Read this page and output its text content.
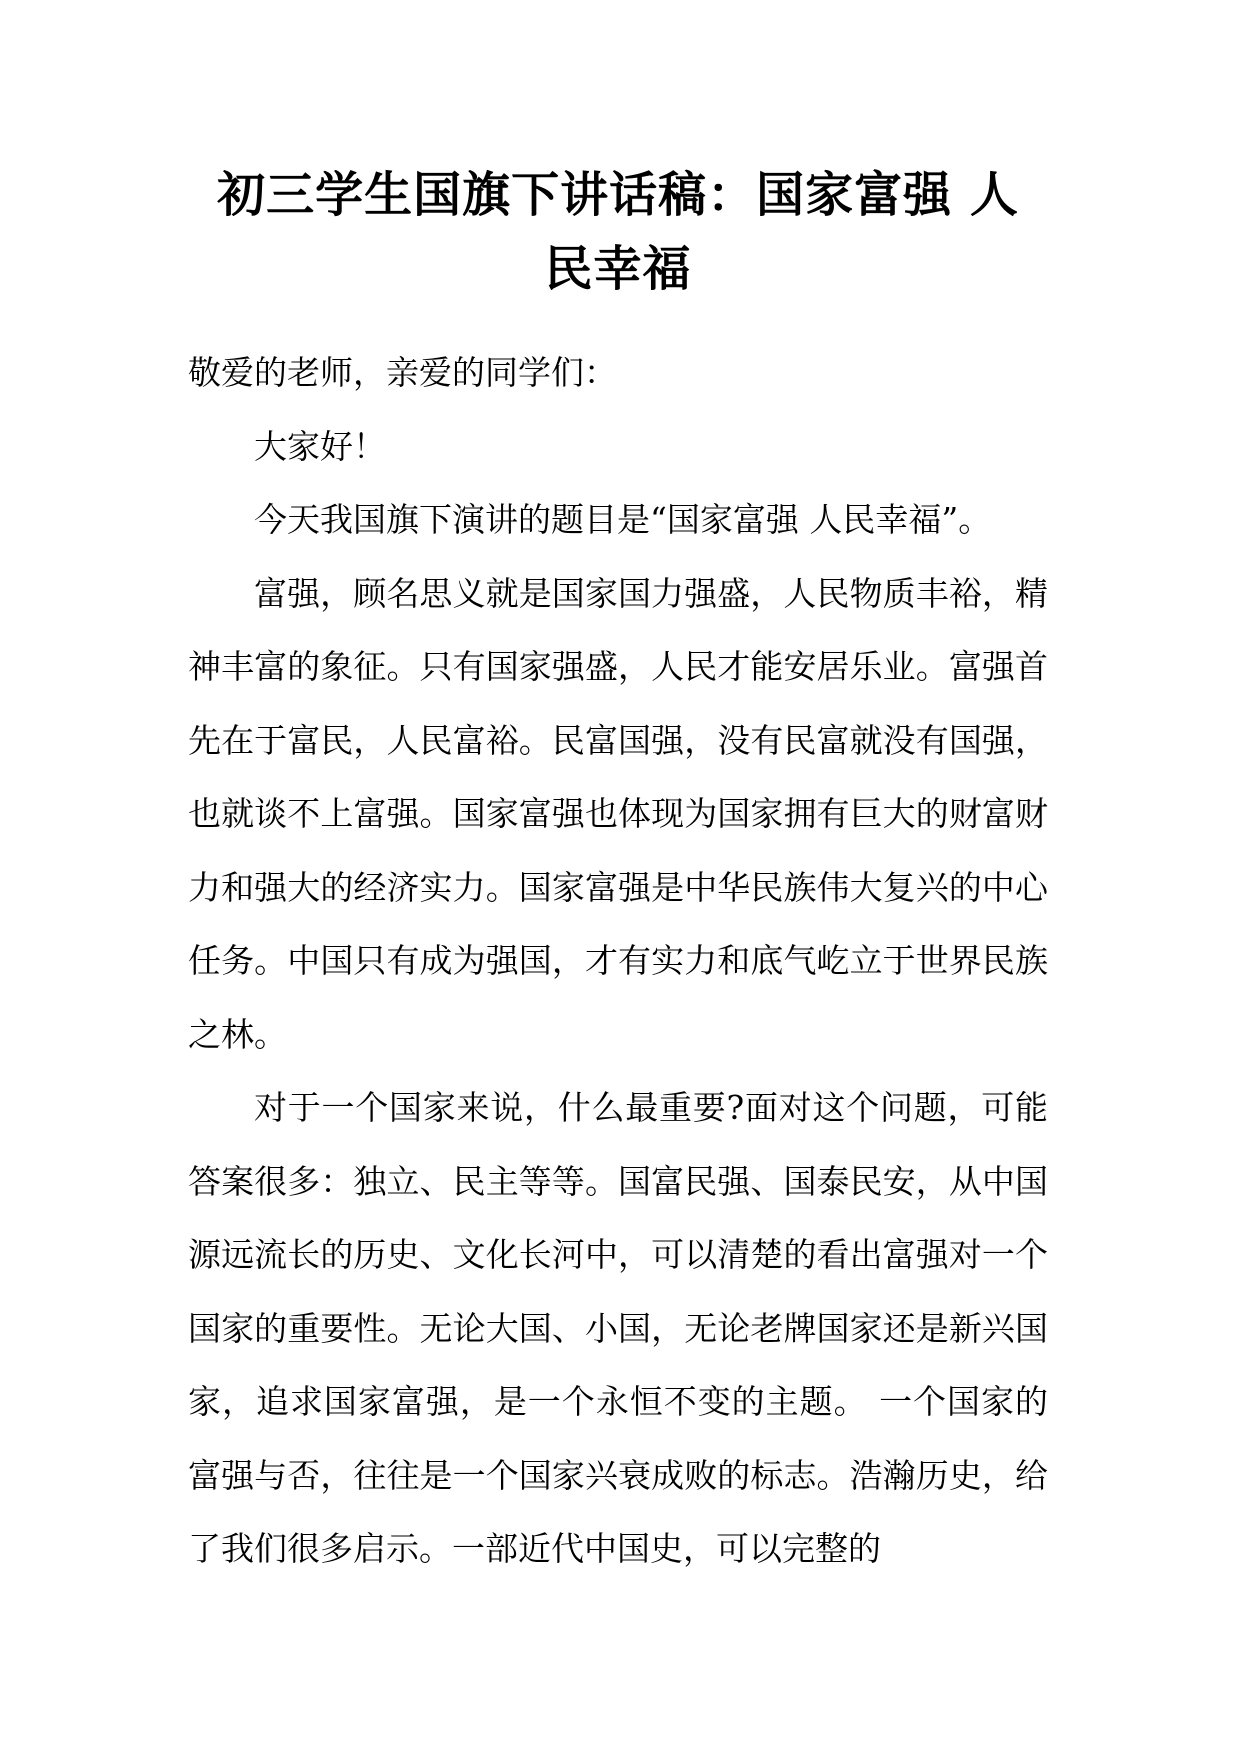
初三学生国旗下讲话稿：国家富强 人
民幸福

敬爱的老师，亲爱的同学们：

大家好！

今天我国旗下演讲的题目是“国家富强 人民幸福”。

富强，顾名思义就是国家国力强盛，人民物质丰裕，精神丰富的象征。只有国家强盛，人民才能安居乐业。富强首先在于富民，人民富裕。民富国强，没有民富就没有国强，也就谈不上富强。国家富强也体现为国家拥有巨大的财富财力和强大的经济实力。国家富强是中华民族伟大复兴的中心任务。中国只有成为强国，才有实力和底气屹立于世界民族之林。

对于一个国家来说，什么最重要?面对这个问题，可能答案很多：独立、民主等等。国富民强、国泰民安，从中国源远流长的历史、文化长河中，可以清楚的看出富强对一个国家的重要性。无论大国、小国，无论老牌国家还是新兴国家，追求国家富强，是一个永恒不变的主题。 一个国家的富强与否，往往是一个国家兴衰成败的标志。浩瀚历史，给了我们很多启示。一部近代中国史，可以完整的
